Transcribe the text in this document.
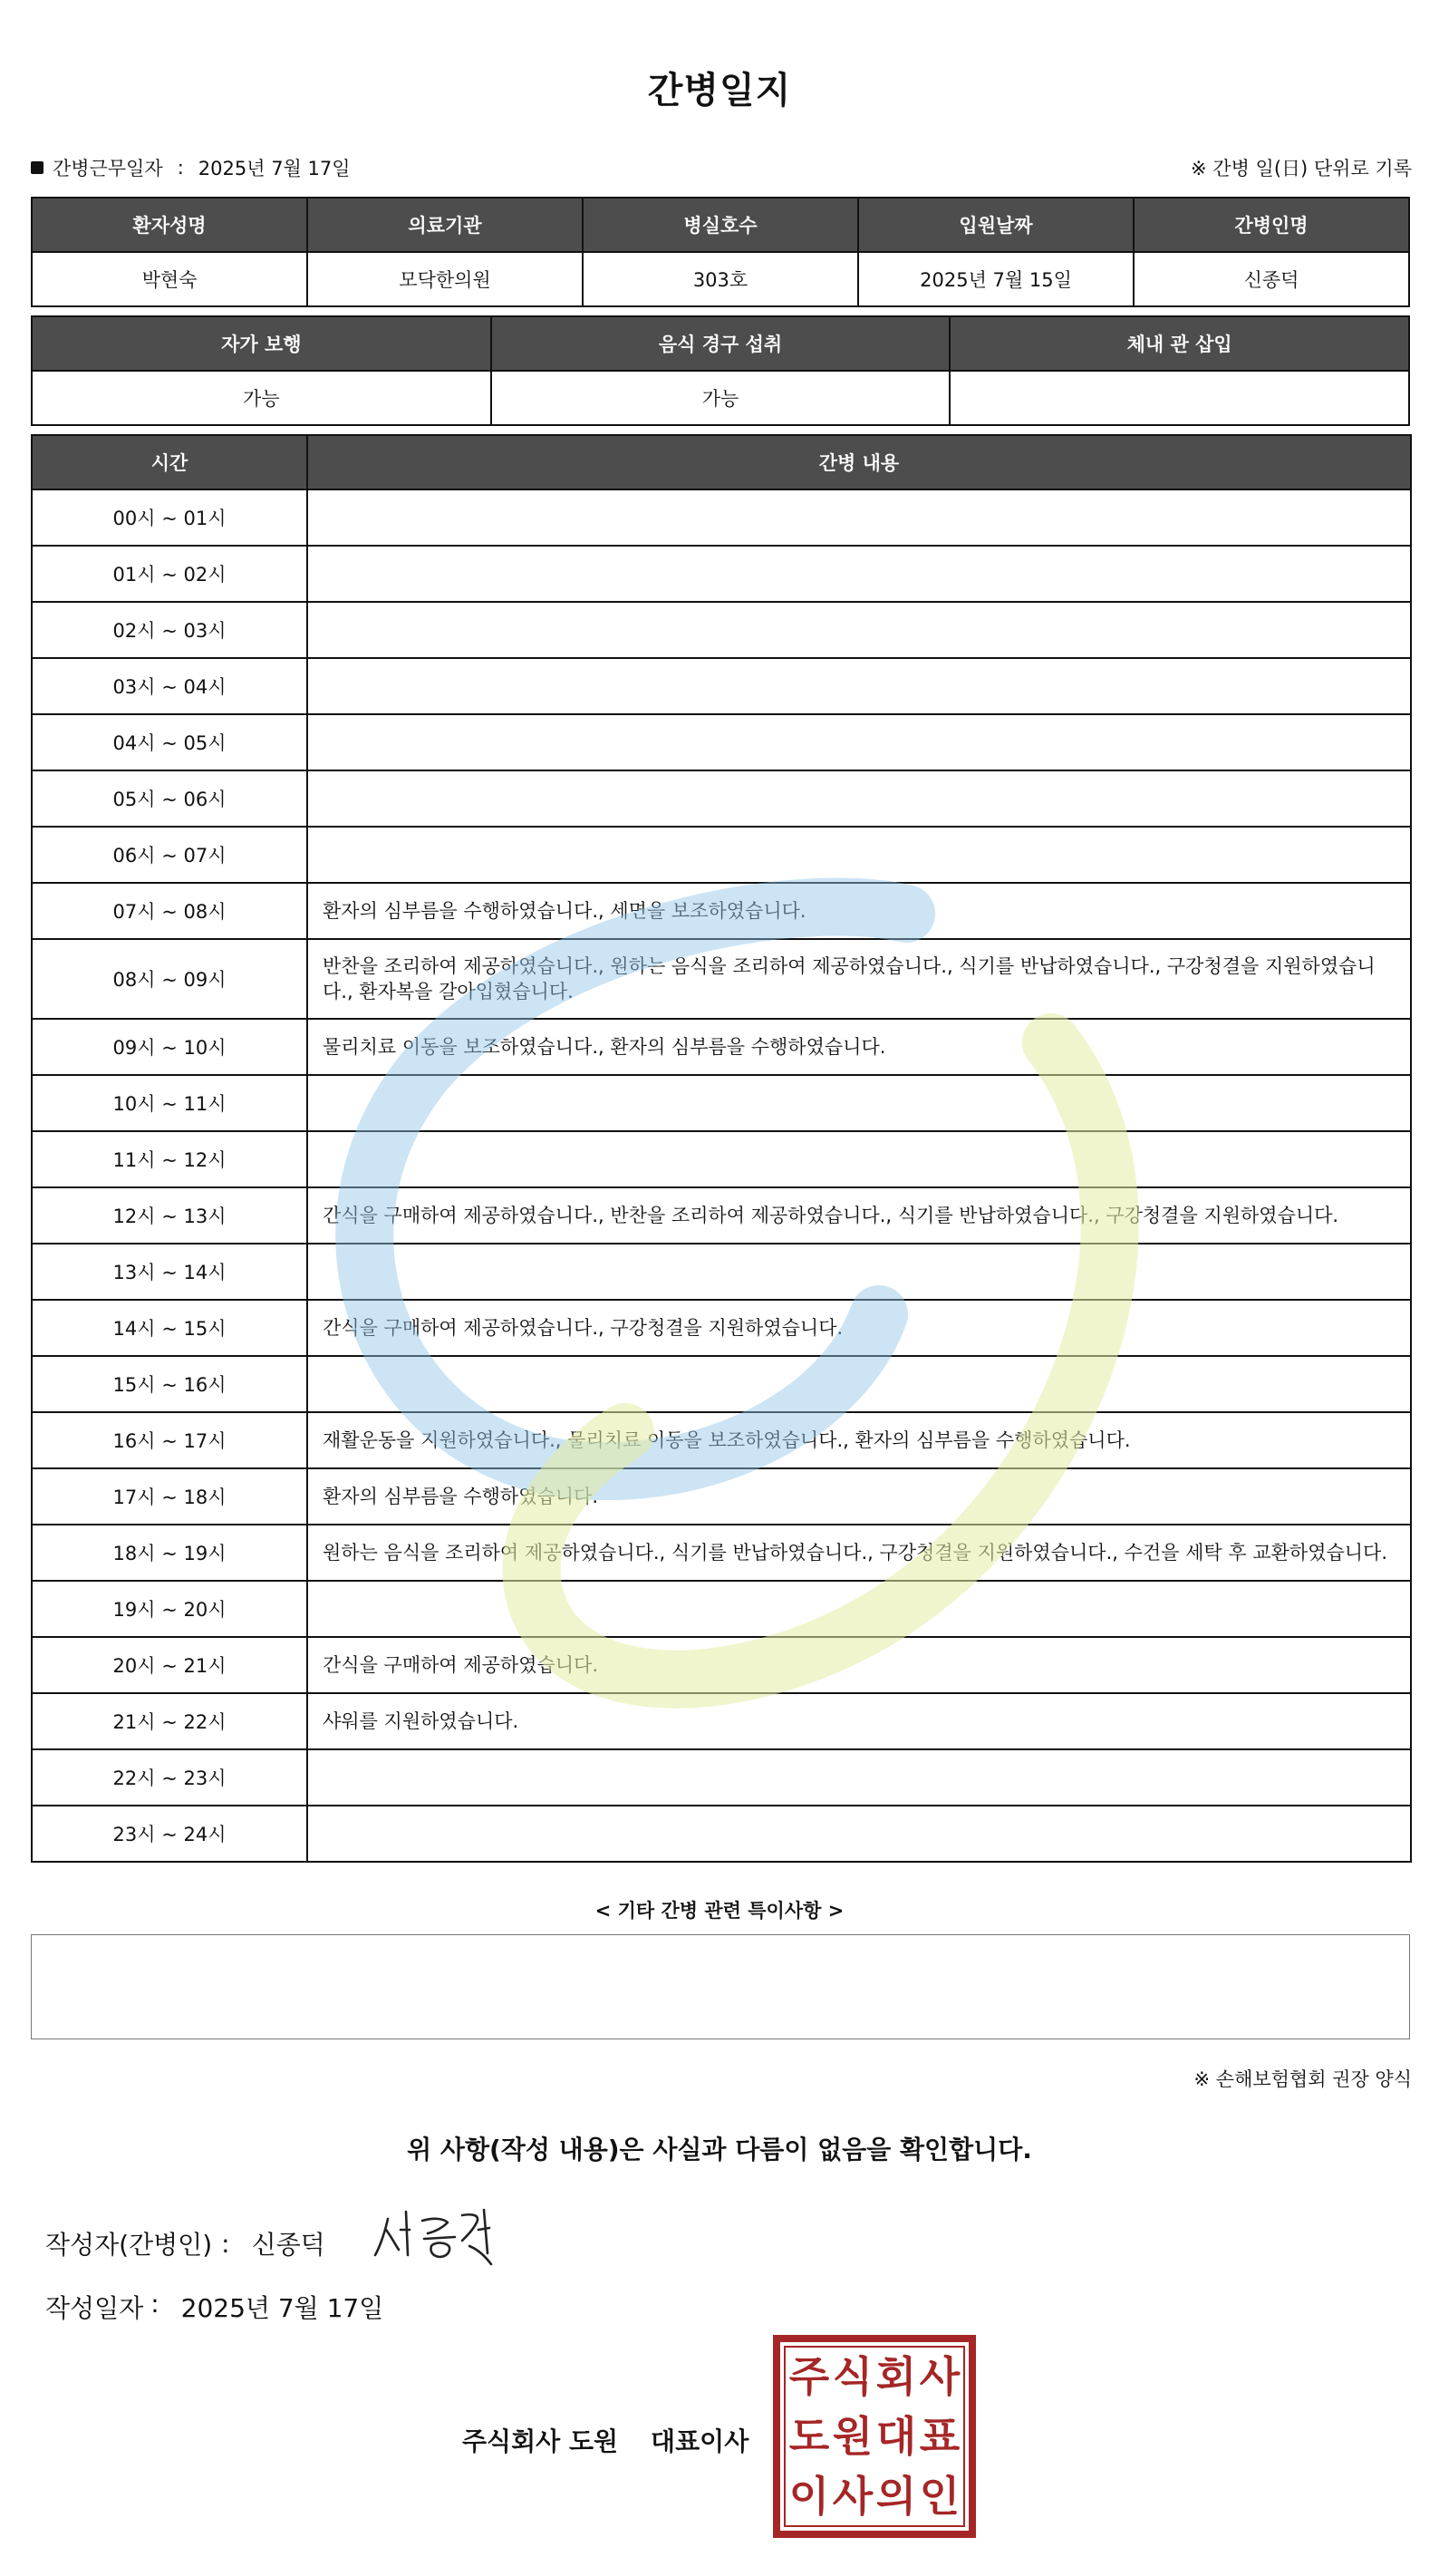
간병일지
간병근무일자 : 2025년 7월 17일	※ 간병 일(日) 단위로 기록
환자성명	의료기관	병실호수	입원날짜	간병인명
박현숙	모닥한의원	303호	2025년 7월 15일	신종덕
자가 보행	음식 경구 섭취	체내 관 삽입
가능	가능	
시간	간병 내용
00시 ~ 01시	
01시 ~ 02시	
02시 ~ 03시	
03시 ~ 04시	
04시 ~ 05시	
05시 ~ 06시	
06시 ~ 07시	
07시 ~ 08시	환자의 심부름을 수행하였습니다., 세면을 보조하였습니다.
08시 ~ 09시	반찬을 조리하여 제공하였습니다., 원하는 음식을 조리하여 제공하였습니다., 식기를 반납하였습니다., 구강청결을 지원하였습니다., 환자복을 갈아입혔습니다.
09시 ~ 10시	물리치료 이동을 보조하였습니다., 환자의 심부름을 수행하였습니다.
10시 ~ 11시	
11시 ~ 12시	
12시 ~ 13시	간식을 구매하여 제공하였습니다., 반찬을 조리하여 제공하였습니다., 식기를 반납하였습니다., 구강청결을 지원하였습니다.
13시 ~ 14시	
14시 ~ 15시	간식을 구매하여 제공하였습니다., 구강청결을 지원하였습니다.
15시 ~ 16시	
16시 ~ 17시	재활운동을 지원하였습니다., 물리치료 이동을 보조하였습니다., 환자의 심부름을 수행하였습니다.
17시 ~ 18시	환자의 심부름을 수행하였습니다.
18시 ~ 19시	원하는 음식을 조리하여 제공하였습니다., 식기를 반납하였습니다., 구강청결을 지원하였습니다., 수건을 세탁 후 교환하였습니다.
19시 ~ 20시	
20시 ~ 21시	간식을 구매하여 제공하였습니다.
21시 ~ 22시	샤워를 지원하였습니다.
22시 ~ 23시	
23시 ~ 24시	
< 기타 간병 관련 특이사항 >
※ 손해보험협회 권장 양식
위 사항(작성 내용)은 사실과 다름이 없음을 확인합니다.
작성자(간병인) : 신종덕
작성일자 : 2025년 7월 17일
주식회사 도원 대표이사
주 식 회 사
도 원 대 표
이 사 의 인
